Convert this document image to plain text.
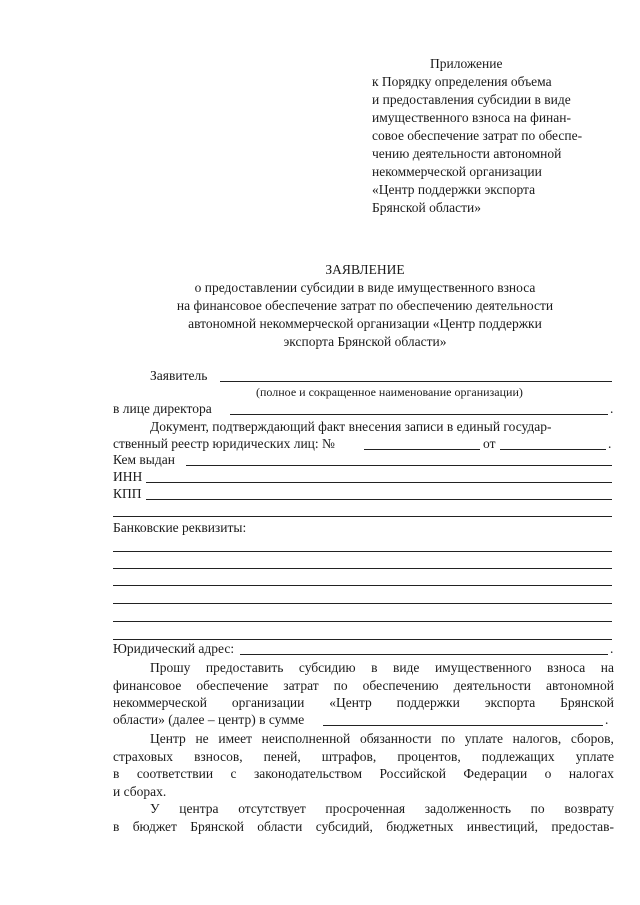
Приложение
к Порядку определения объема
и предоставления субсидии в виде
имущественного взноса на финан-
совое обеспечение затрат по обеспе-
чению деятельности автономной
некоммерческой организации
«Центр поддержки экспорта
Брянской области»
ЗАЯВЛЕНИЕ
о предоставлении субсидии в виде имущественного взноса
на финансовое обеспечение затрат по обеспечению деятельности
автономной некоммерческой организации «Центр поддержки
экспорта Брянской области»
Заявитель
(полное и сокращенное наименование организации)
в лице директора	.
Документ, подтверждающий факт внесения записи в единый государ-
ственный реестр юридических лиц: №	от	.
Кем выдан
ИНН
КПП
Банковские реквизиты:
Юридический адрес:	.
Прошу предоставить субсидию в виде имущественного взноса на
финансовое обеспечение затрат по обеспечению деятельности автономной
некоммерческой организации «Центр поддержки экспорта Брянской
области» (далее – центр) в сумме	.
Центр не имеет неисполненной обязанности по уплате налогов, сборов,
страховых взносов, пеней, штрафов, процентов, подлежащих уплате
в соответствии с законодательством Российской Федерации о налогах
и сборах.
У центра отсутствует просроченная задолженность по возврату
в бюджет Брянской области субсидий, бюджетных инвестиций, предостав-
